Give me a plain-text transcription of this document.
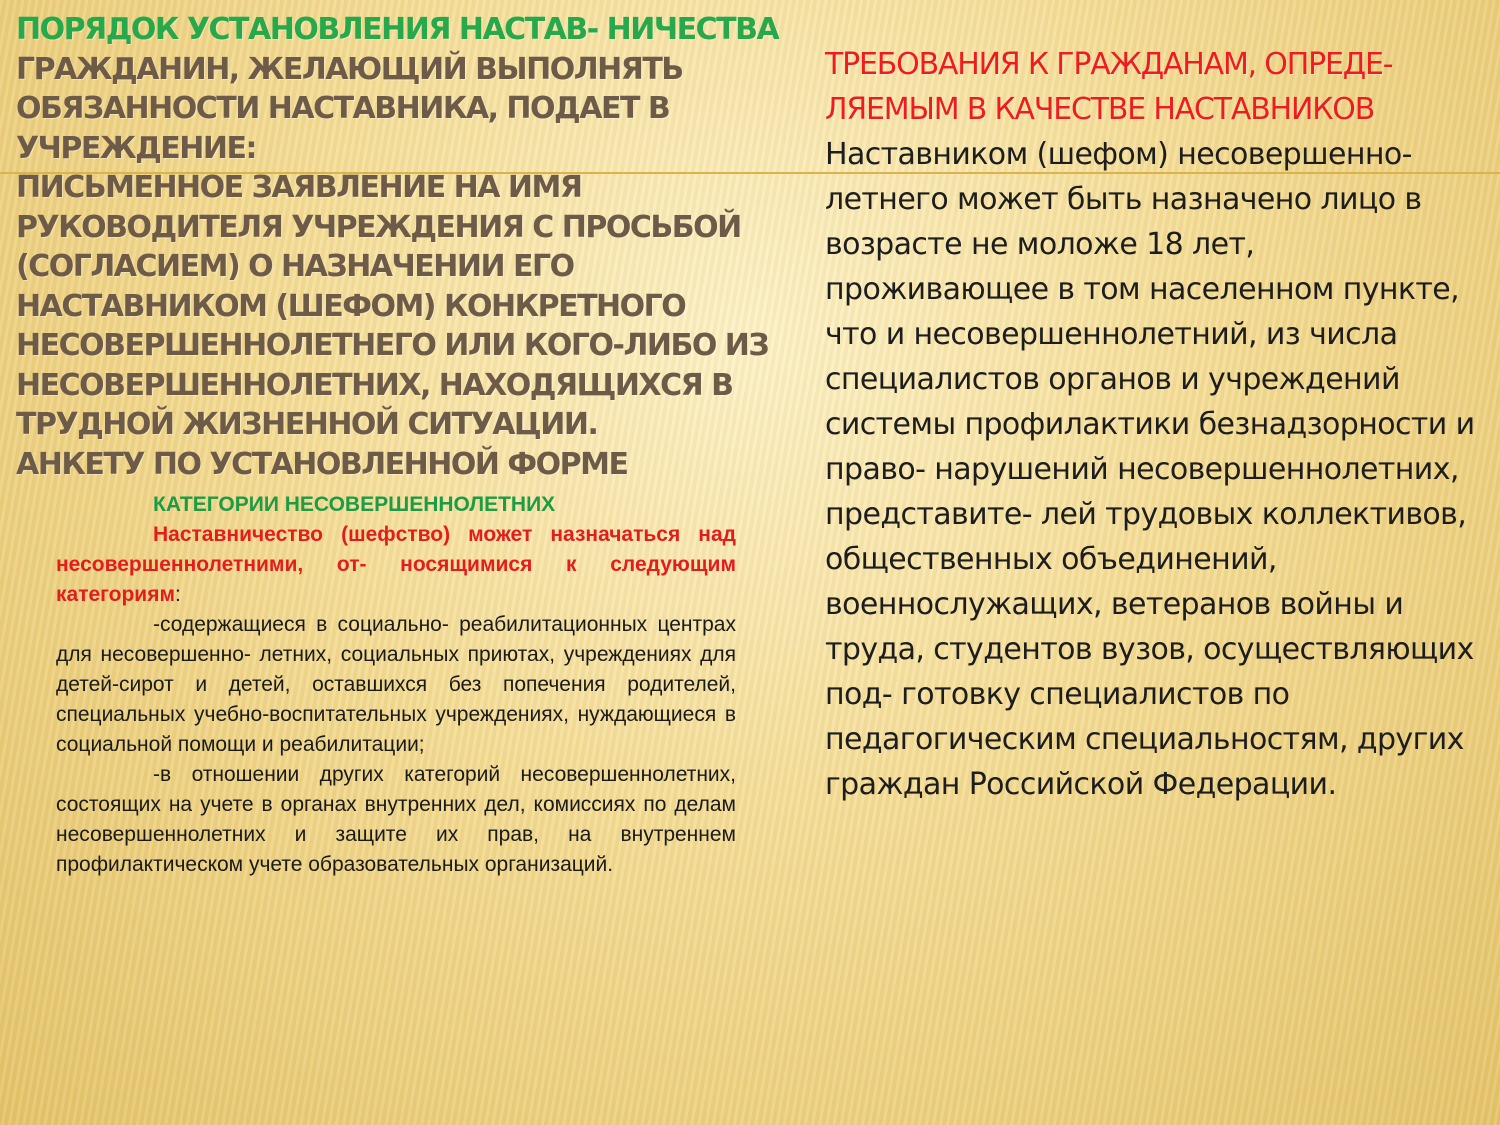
ПОРЯДОК УСТАНОВЛЕНИЯ НАСТАВ- НИЧЕСТВА
ГРАЖДАНИН, ЖЕЛАЮЩИЙ ВЫПОЛНЯТЬ ОБЯЗАННОСТИ НАСТАВНИКА, ПОДАЕТ В УЧРЕЖДЕНИЕ:
ПИСЬМЕННОЕ ЗАЯВЛЕНИЕ НА ИМЯ РУКОВОДИТЕЛЯ УЧРЕЖДЕНИЯ С ПРОСЬБОЙ (СОГЛАСИЕМ) О НАЗНАЧЕНИИ ЕГО НАСТАВНИКОМ (ШЕФОМ) КОНКРЕТНОГО НЕСОВЕРШЕННОЛЕТНЕГО ИЛИ КОГО-ЛИБО ИЗ НЕСОВЕРШЕННОЛЕТНИХ, НАХОДЯЩИХСЯ В ТРУДНОЙ ЖИЗНЕННОЙ СИТУАЦИИ.
АНКЕТУ ПО УСТАНОВЛЕННОЙ ФОРМЕ
ТРЕБОВАНИЯ К ГРАЖДАНАМ, ОПРЕДЕ- ЛЯЕМЫМ В КАЧЕСТВЕ НАСТАВНИКОВ
Наставником (шефом) несовершенно- летнего может быть назначено лицо в возрасте не моложе 18 лет, проживающее в том населенном пункте, что и несовершеннолетний, из числа специалистов органов и учреждений системы профилактики безнадзорности и право- нарушений несовершеннолетних, представите- лей трудовых коллективов, общественных объединений, военнослужащих, ветеранов войны и труда, студентов вузов, осуществляющих под- готовку специалистов по педагогическим специальностям, других граждан Российской Федерации.
КАТЕГОРИИ НЕСОВЕРШЕННОЛЕТНИХ
Наставничество (шефство) может назначаться над несовершеннолетними, от- носящимися к следующим категориям:
-содержащиеся в социально- реабилитационных центрах для несовершенно- летних, социальных приютах, учреждениях для детей-сирот и детей, оставшихся без попечения родителей, специальных учебно-воспитательных учреждениях, нуждающиеся в социальной помощи и реабилитации;
-в отношении других категорий несовершеннолетних, состоящих на учете в органах внутренних дел, комиссиях по делам несовершеннолетних и защите их прав, на внутреннем профилактическом учете образовательных организаций.
